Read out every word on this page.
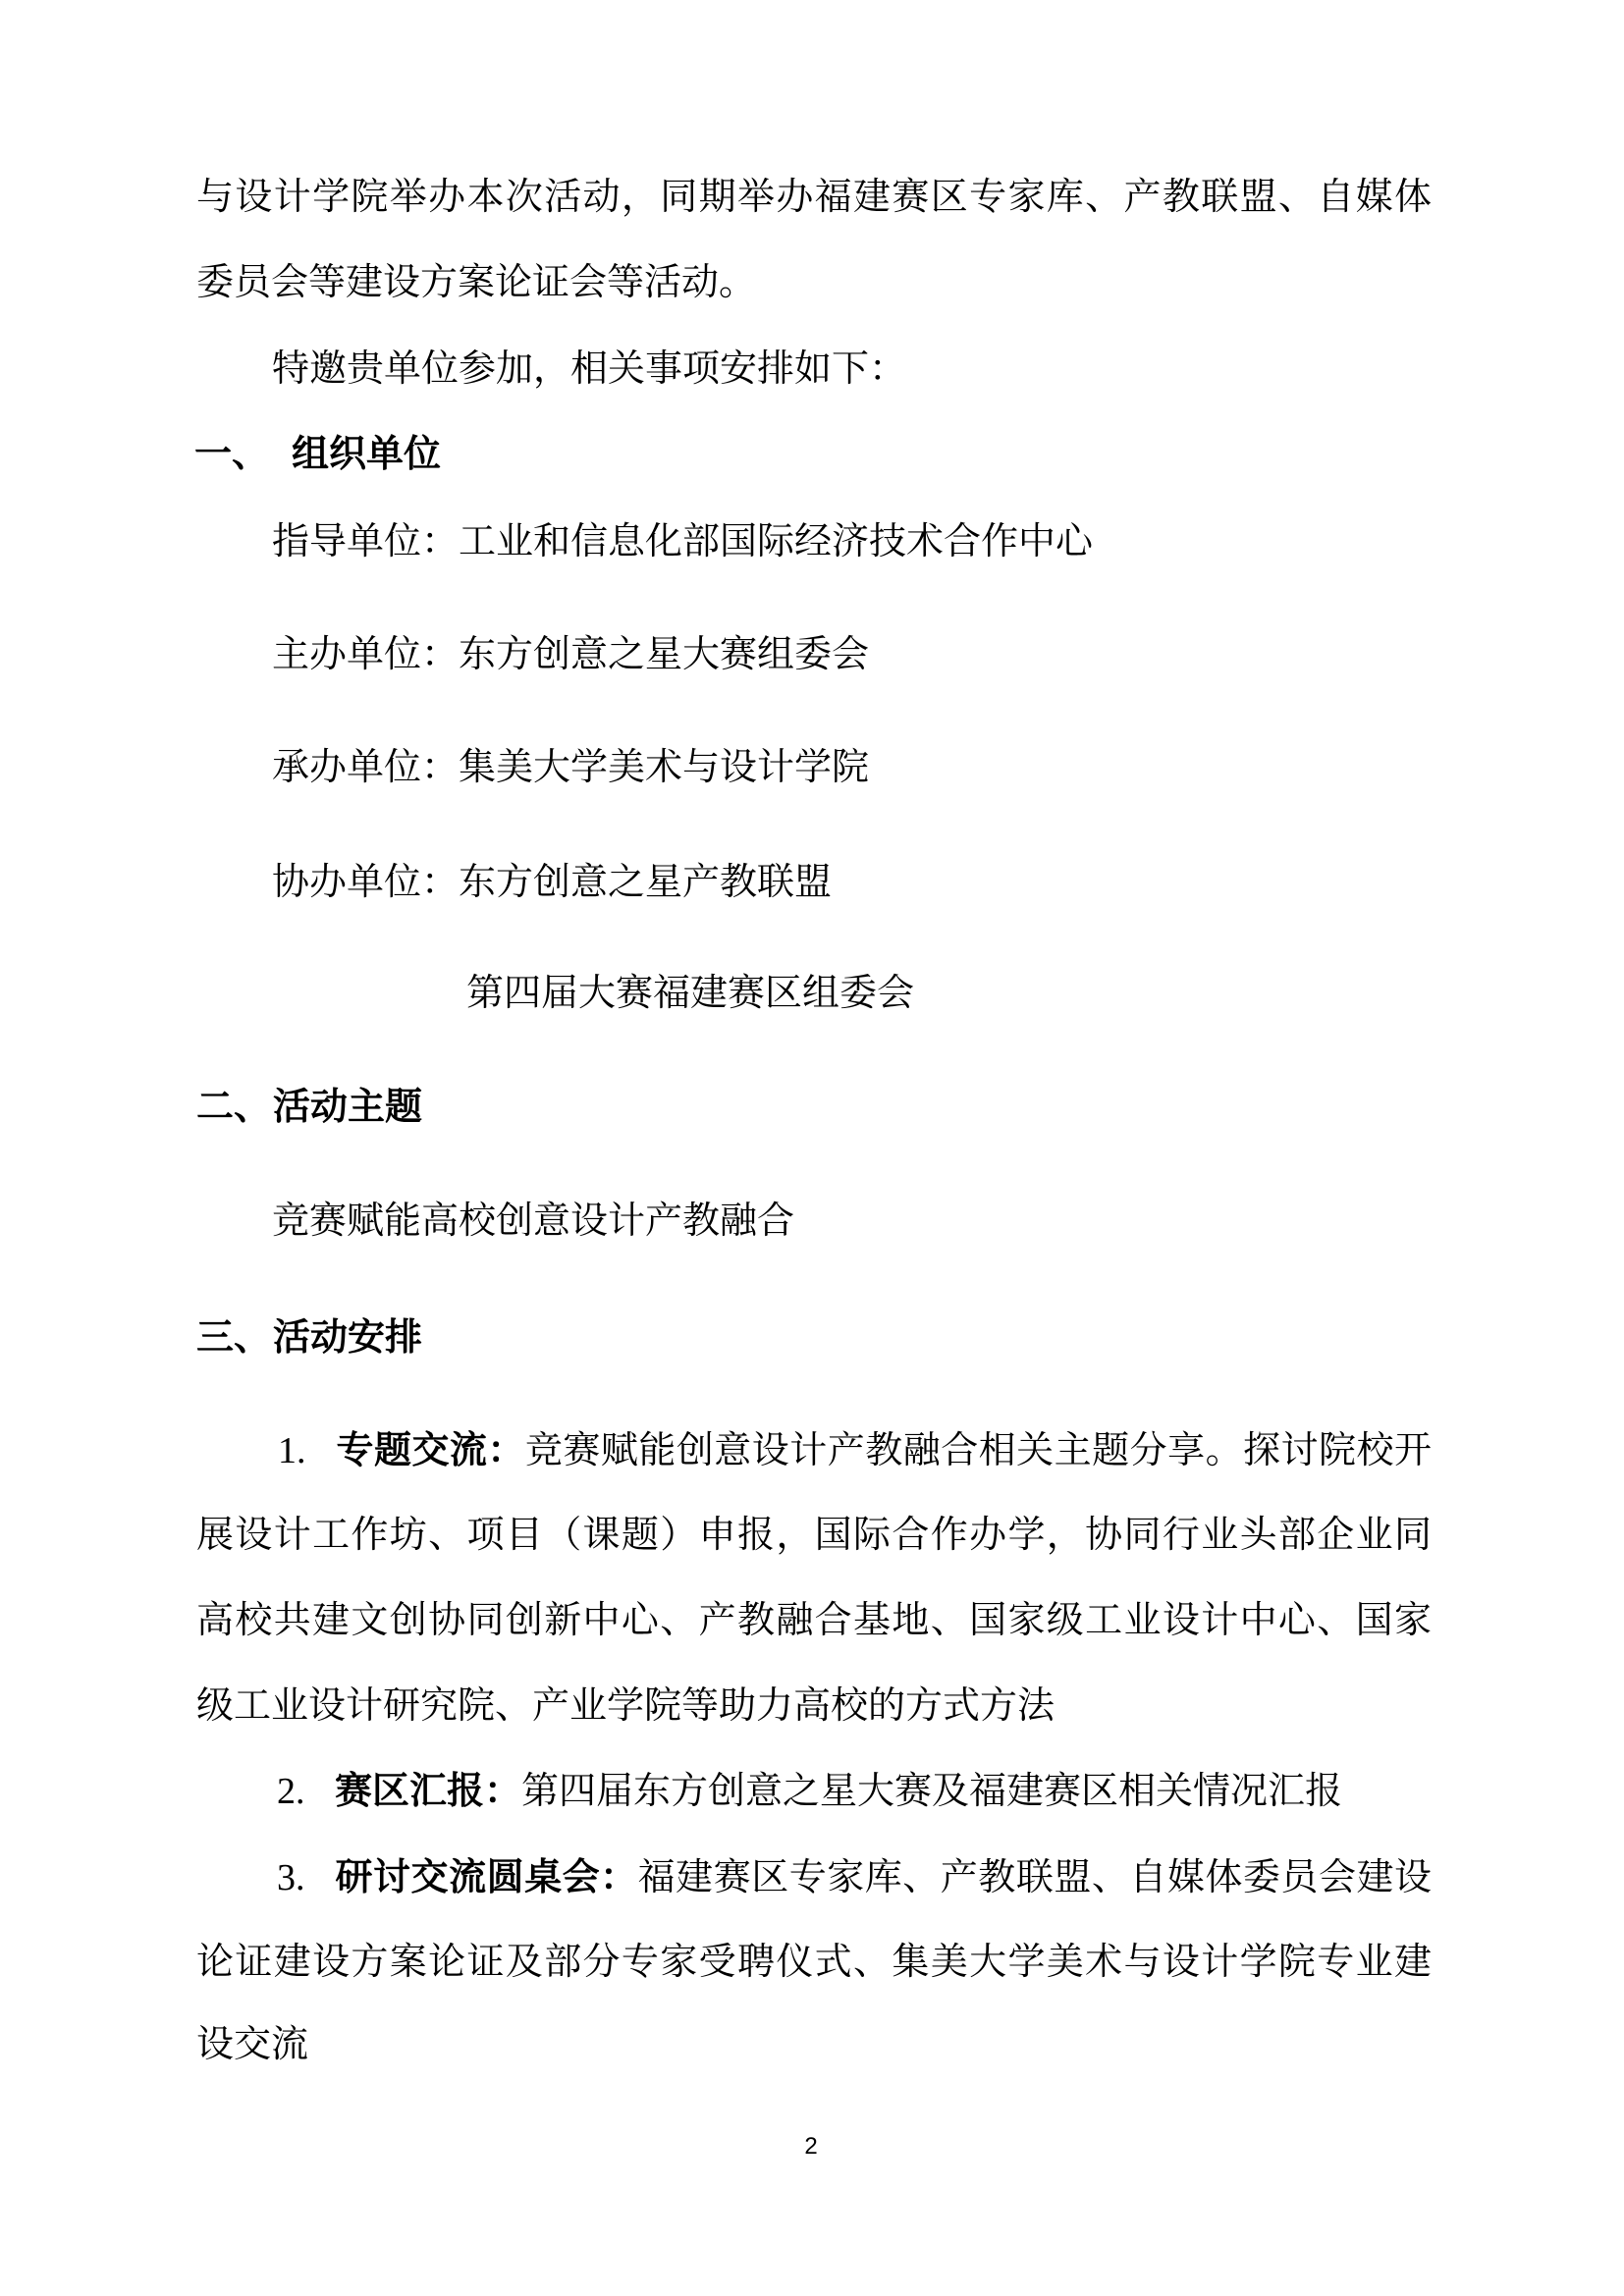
与设计学院举办本次活动，同期举办福建赛区专家库、产教联盟、自媒体
委员会等建设方案论证会等活动。
特邀贵单位参加，相关事项安排如下：
一、 组织单位
指导单位：工业和信息化部国际经济技术合作中心
主办单位：东方创意之星大赛组委会
承办单位：集美大学美术与设计学院
协办单位：东方创意之星产教联盟
第四届大赛福建赛区组委会
二、活动主题
竞赛赋能高校创意设计产教融合
三、活动安排
1. 专题交流：竞赛赋能创意设计产教融合相关主题分享。探讨院校开
展设计工作坊、项目（课题）申报，国际合作办学，协同行业头部企业同
高校共建文创协同创新中心、产教融合基地、国家级工业设计中心、国家
级工业设计研究院、产业学院等助力高校的方式方法
2. 赛区汇报：第四届东方创意之星大赛及福建赛区相关情况汇报
3. 研讨交流圆桌会：福建赛区专家库、产教联盟、自媒体委员会建设
论证建设方案论证及部分专家受聘仪式、集美大学美术与设计学院专业建
设交流
2
